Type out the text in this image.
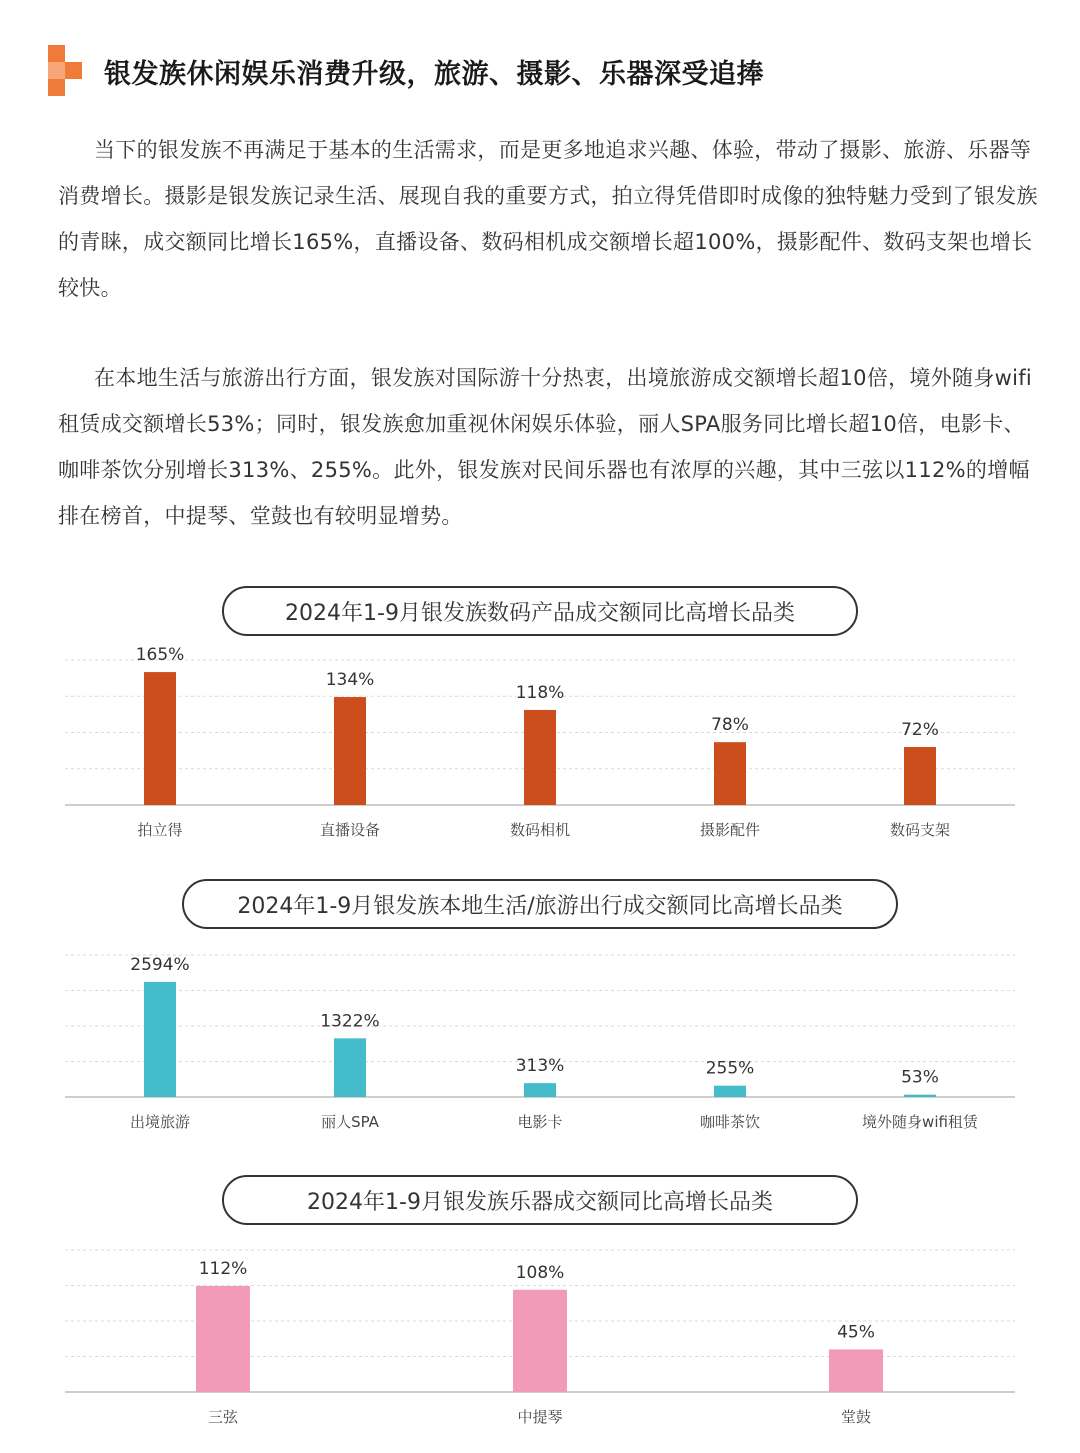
银发族休闲娱乐消费升级，旅游、摄影、乐器深受追捧

当下的银发族不再满足于基本的生活需求，而是更多地追求兴趣、体验，带动了摄影、旅游、乐器等消费增长。摄影是银发族记录生活、展现自我的重要方式，拍立得凭借即时成像的独特魅力受到了银发族的青睐，成交额同比增长165%，直播设备、数码相机成交额增长超100%，摄影配件、数码支架也增长较快。

在本地生活与旅游出行方面，银发族对国际游十分热衷，出境旅游成交额增长超10倍，境外随身wifi租赁成交额增长53%；同时，银发族愈加重视休闲娱乐体验，丽人SPA服务同比增长超10倍，电影卡、咖啡茶饮分别增长313%、255%。此外，银发族对民间乐器也有浓厚的兴趣，其中三弦以112%的增幅排在榜首，中提琴、堂鼓也有较明显增势。

2024年1-9月银发族数码产品成交额同比高增长品类
165%
拍立得
134%
直播设备
118%
数码相机
78%
摄影配件
72%
数码支架
2024年1-9月银发族本地生活/旅游出行成交额同比高增长品类
2594%
出境旅游
1322%
丽人SPA
313%
电影卡
255%
咖啡茶饮
53%
境外随身wifi租赁
2024年1-9月银发族乐器成交额同比高增长品类
112%
三弦
108%
中提琴
45%
堂鼓
